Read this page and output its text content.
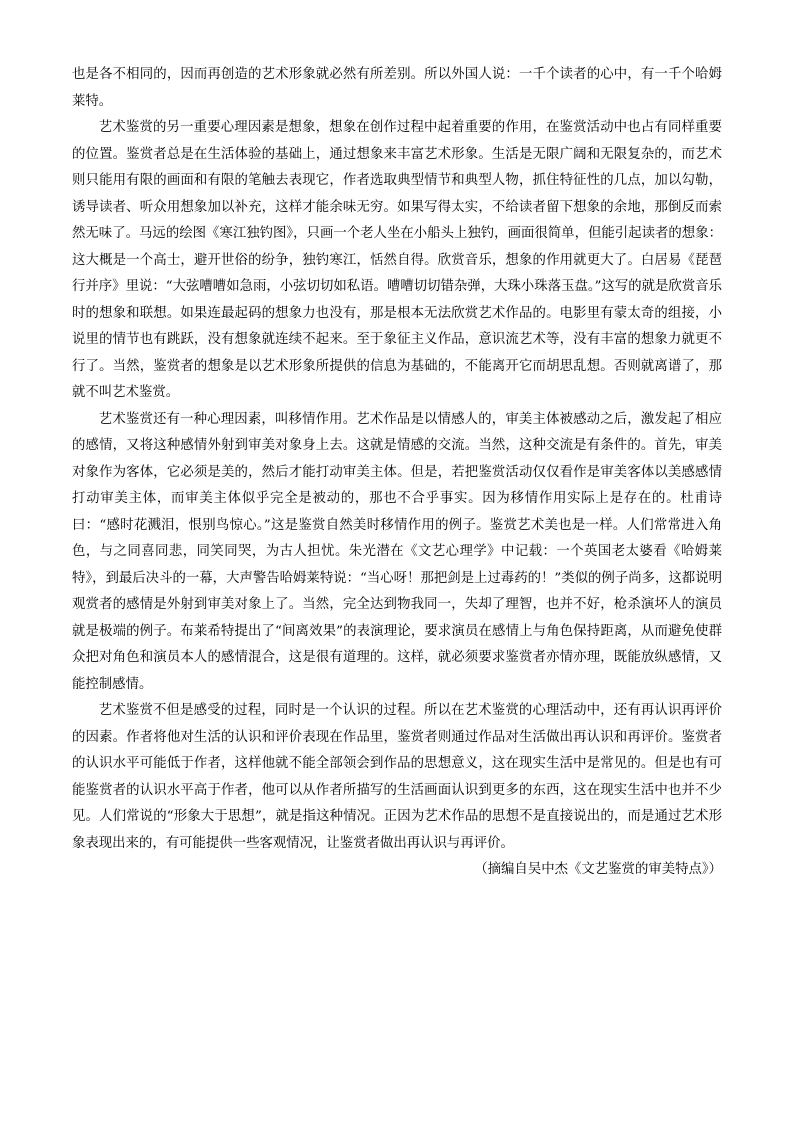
也是各不相同的，因而再创造的艺术形象就必然有所差别。所以外国人说：一千个读者的心中，有一千个哈姆莱特。

艺术鉴赏的另一重要心理因素是想象，想象在创作过程中起着重要的作用，在鉴赏活动中也占有同样重要的位置。鉴赏者总是在生活体验的基础上，通过想象来丰富艺术形象。生活是无限广阔和无限复杂的，而艺术则只能用有限的画面和有限的笔触去表现它，作者选取典型情节和典型人物，抓住特征性的几点，加以勾勒，诱导读者、听众用想象加以补充，这样才能余味无穷。如果写得太实，不给读者留下想象的余地，那倒反而索然无味了。马远的绘图《寒江独钓图》，只画一个老人坐在小船头上独钓，画面很简单，但能引起读者的想象：这大概是一个高士，避开世俗的纷争，独钓寒江，恬然自得。欣赏音乐，想象的作用就更大了。白居易《琵琶行并序》里说：“大弦嘈嘈如急雨，小弦切切如私语。嘈嘈切切错杂弹，大珠小珠落玉盘。”这写的就是欣赏音乐时的想象和联想。如果连最起码的想象力也没有，那是根本无法欣赏艺术作品的。电影里有蒙太奇的组接，小说里的情节也有跳跃，没有想象就连续不起来。至于象征主义作品，意识流艺术等，没有丰富的想象力就更不行了。当然，鉴赏者的想象是以艺术形象所提供的信息为基础的，不能离开它而胡思乱想。否则就离谱了，那就不叫艺术鉴赏。

艺术鉴赏还有一种心理因素，叫移情作用。艺术作品是以情感人的，审美主体被感动之后，激发起了相应的感情，又将这种感情外射到审美对象身上去。这就是情感的交流。当然，这种交流是有条件的。首先，审美对象作为客体，它必须是美的，然后才能打动审美主体。但是，若把鉴赏活动仅仅看作是审美客体以美感感情打动审美主体，而审美主体似乎完全是被动的，那也不合乎事实。因为移情作用实际上是存在的。杜甫诗曰：“感时花溅泪，恨别鸟惊心。”这是鉴赏自然美时移情作用的例子。鉴赏艺术美也是一样。人们常常进入角色，与之同喜同悲，同笑同哭，为古人担忧。朱光潜在《文艺心理学》中记载：一个英国老太婆看《哈姆莱特》，到最后决斗的一幕，大声警告哈姆莱特说：“当心呀！那把剑是上过毒药的！”类似的例子尚多，这都说明观赏者的感情是外射到审美对象上了。当然，完全达到物我同一，失却了理智，也并不好，枪杀演坏人的演员就是极端的例子。布莱希特提出了“间离效果”的表演理论，要求演员在感情上与角色保持距离，从而避免使群众把对角色和演员本人的感情混合，这是很有道理的。这样，就必须要求鉴赏者亦情亦理，既能放纵感情，又能控制感情。

艺术鉴赏不但是感受的过程，同时是一个认识的过程。所以在艺术鉴赏的心理活动中，还有再认识再评价的因素。作者将他对生活的认识和评价表现在作品里，鉴赏者则通过作品对生活做出再认识和再评价。鉴赏者的认识水平可能低于作者，这样他就不能全部领会到作品的思想意义，这在现实生活中是常见的。但是也有可能鉴赏者的认识水平高于作者，他可以从作者所描写的生活画面认识到更多的东西，这在现实生活中也并不少见。人们常说的“形象大于思想”，就是指这种情况。正因为艺术作品的思想不是直接说出的，而是通过艺术形象表现出来的，有可能提供一些客观情况，让鉴赏者做出再认识与再评价。

（摘编自吴中杰《文艺鉴赏的审美特点》）
